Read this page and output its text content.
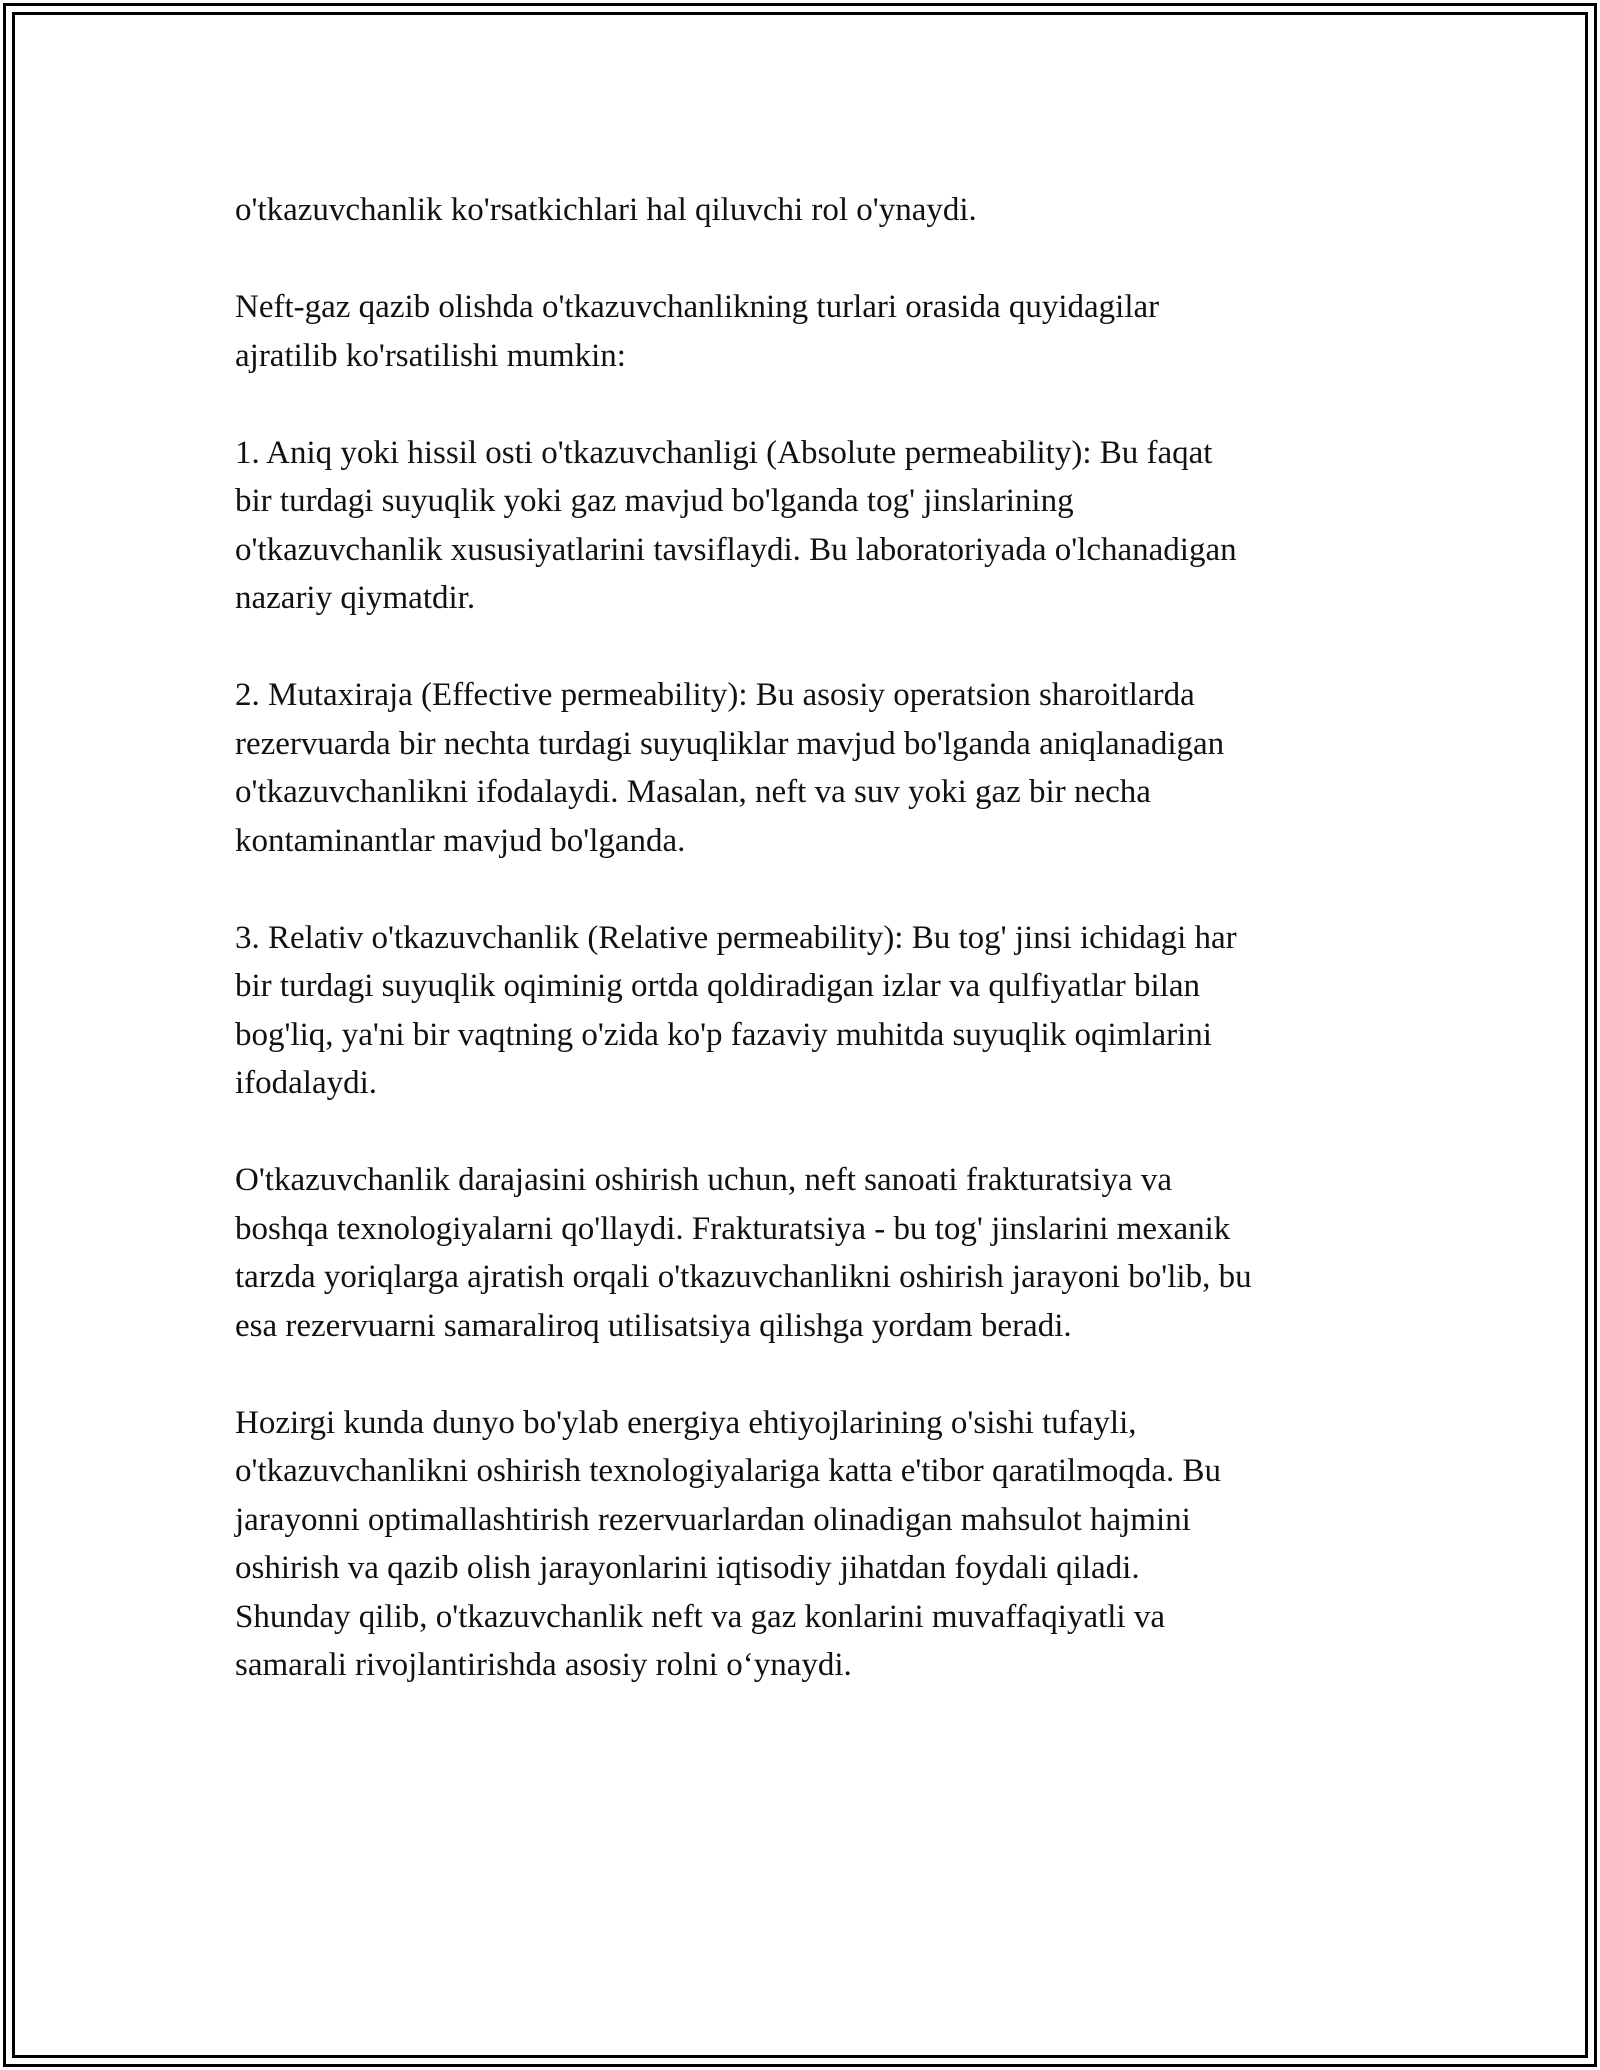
o'tkazuvchanlik ko'rsatkichlari hal qiluvchi rol o'ynaydi.

Neft-gaz qazib olishda o'tkazuvchanlikning turlari orasida quyidagilar
ajratilib ko'rsatilishi mumkin:

1. Aniq yoki hissil osti o'tkazuvchanligi (Absolute permeability): Bu faqat
bir turdagi suyuqlik yoki gaz mavjud bo'lganda tog' jinslarining
o'tkazuvchanlik xususiyatlarini tavsiflaydi. Bu laboratoriyada o'lchanadigan
nazariy qiymatdir.

2. Mutaxiraja (Effective permeability): Bu asosiy operatsion sharoitlarda
rezervuarda bir nechta turdagi suyuqliklar mavjud bo'lganda aniqlanadigan
o'tkazuvchanlikni ifodalaydi. Masalan, neft va suv yoki gaz bir necha
kontaminantlar mavjud bo'lganda.

3. Relativ o'tkazuvchanlik (Relative permeability): Bu tog' jinsi ichidagi har
bir turdagi suyuqlik oqiminig ortda qoldiradigan izlar va qulfiyatlar bilan
bog'liq, ya'ni bir vaqtning o'zida ko'p fazaviy muhitda suyuqlik oqimlarini
ifodalaydi.

O'tkazuvchanlik darajasini oshirish uchun, neft sanoati frakturatsiya va
boshqa texnologiyalarni qo'llaydi. Frakturatsiya - bu tog' jinslarini mexanik
tarzda yoriqlarga ajratish orqali o'tkazuvchanlikni oshirish jarayoni bo'lib, bu
esa rezervuarni samaraliroq utilisatsiya qilishga yordam beradi.

Hozirgi kunda dunyo bo'ylab energiya ehtiyojlarining o'sishi tufayli,
o'tkazuvchanlikni oshirish texnologiyalariga katta e'tibor qaratilmoqda. Bu
jarayonni optimallashtirish rezervuarlardan olinadigan mahsulot hajmini
oshirish va qazib olish jarayonlarini iqtisodiy jihatdan foydali qiladi.
Shunday qilib, o'tkazuvchanlik neft va gaz konlarini muvaffaqiyatli va
samarali rivojlantirishda asosiy rolni o‘ynaydi.
